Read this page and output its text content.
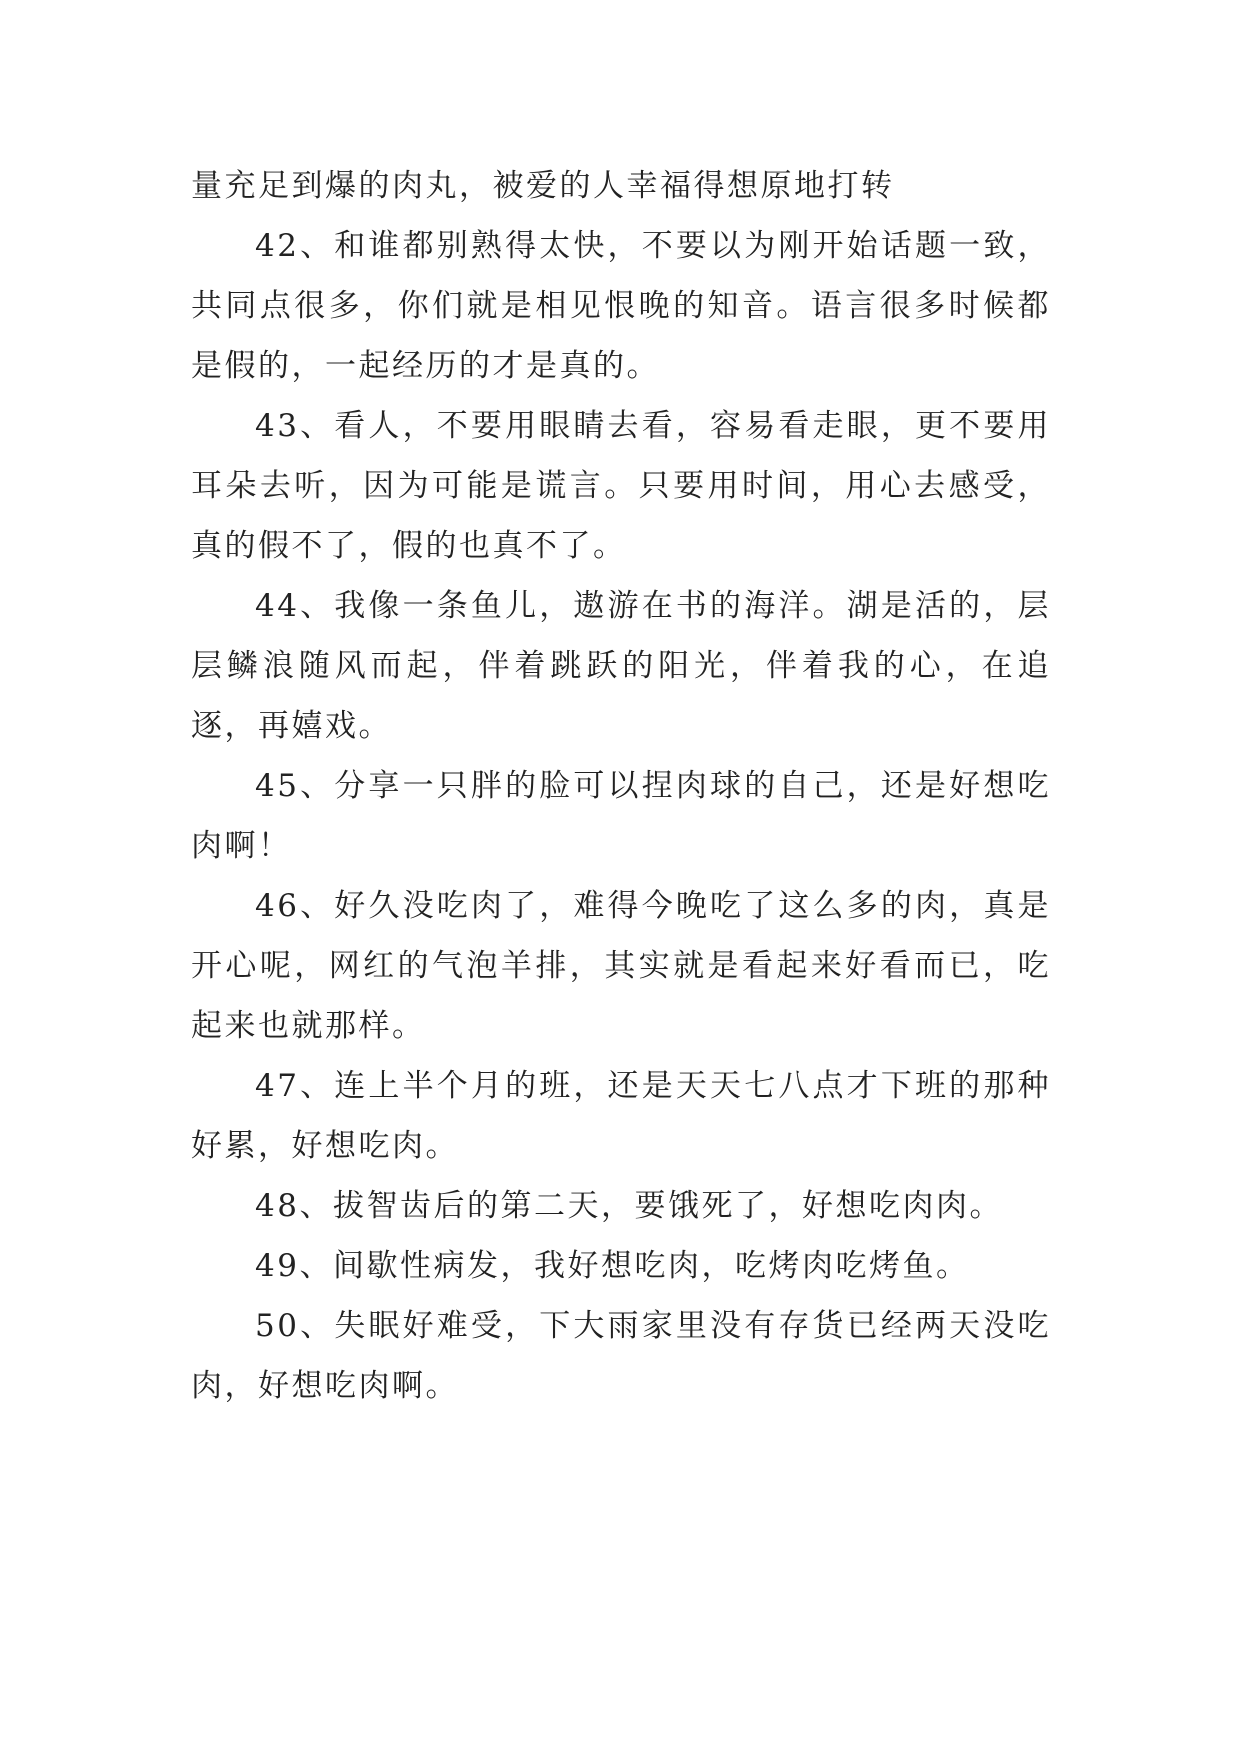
量充足到爆的肉丸，被爱的人幸福得想原地打转

42、和谁都别熟得太快，不要以为刚开始话题一致，共同点很多，你们就是相见恨晚的知音。语言很多时候都是假的，一起经历的才是真的。

43、看人，不要用眼睛去看，容易看走眼，更不要用耳朵去听，因为可能是谎言。只要用时间，用心去感受，真的假不了，假的也真不了。

44、我像一条鱼儿，遨游在书的海洋。湖是活的，层层鳞浪随风而起，伴着跳跃的阳光，伴着我的心，在追逐，再嬉戏。

45、分享一只胖的脸可以捏肉球的自己，还是好想吃肉啊！

46、好久没吃肉了，难得今晚吃了这么多的肉，真是开心呢，网红的气泡羊排，其实就是看起来好看而已，吃起来也就那样。

47、连上半个月的班，还是天天七八点才下班的那种好累，好想吃肉。

48、拔智齿后的第二天，要饿死了，好想吃肉肉。

49、间歇性病发，我好想吃肉，吃烤肉吃烤鱼。

50、失眠好难受，下大雨家里没有存货已经两天没吃肉，好想吃肉啊。
